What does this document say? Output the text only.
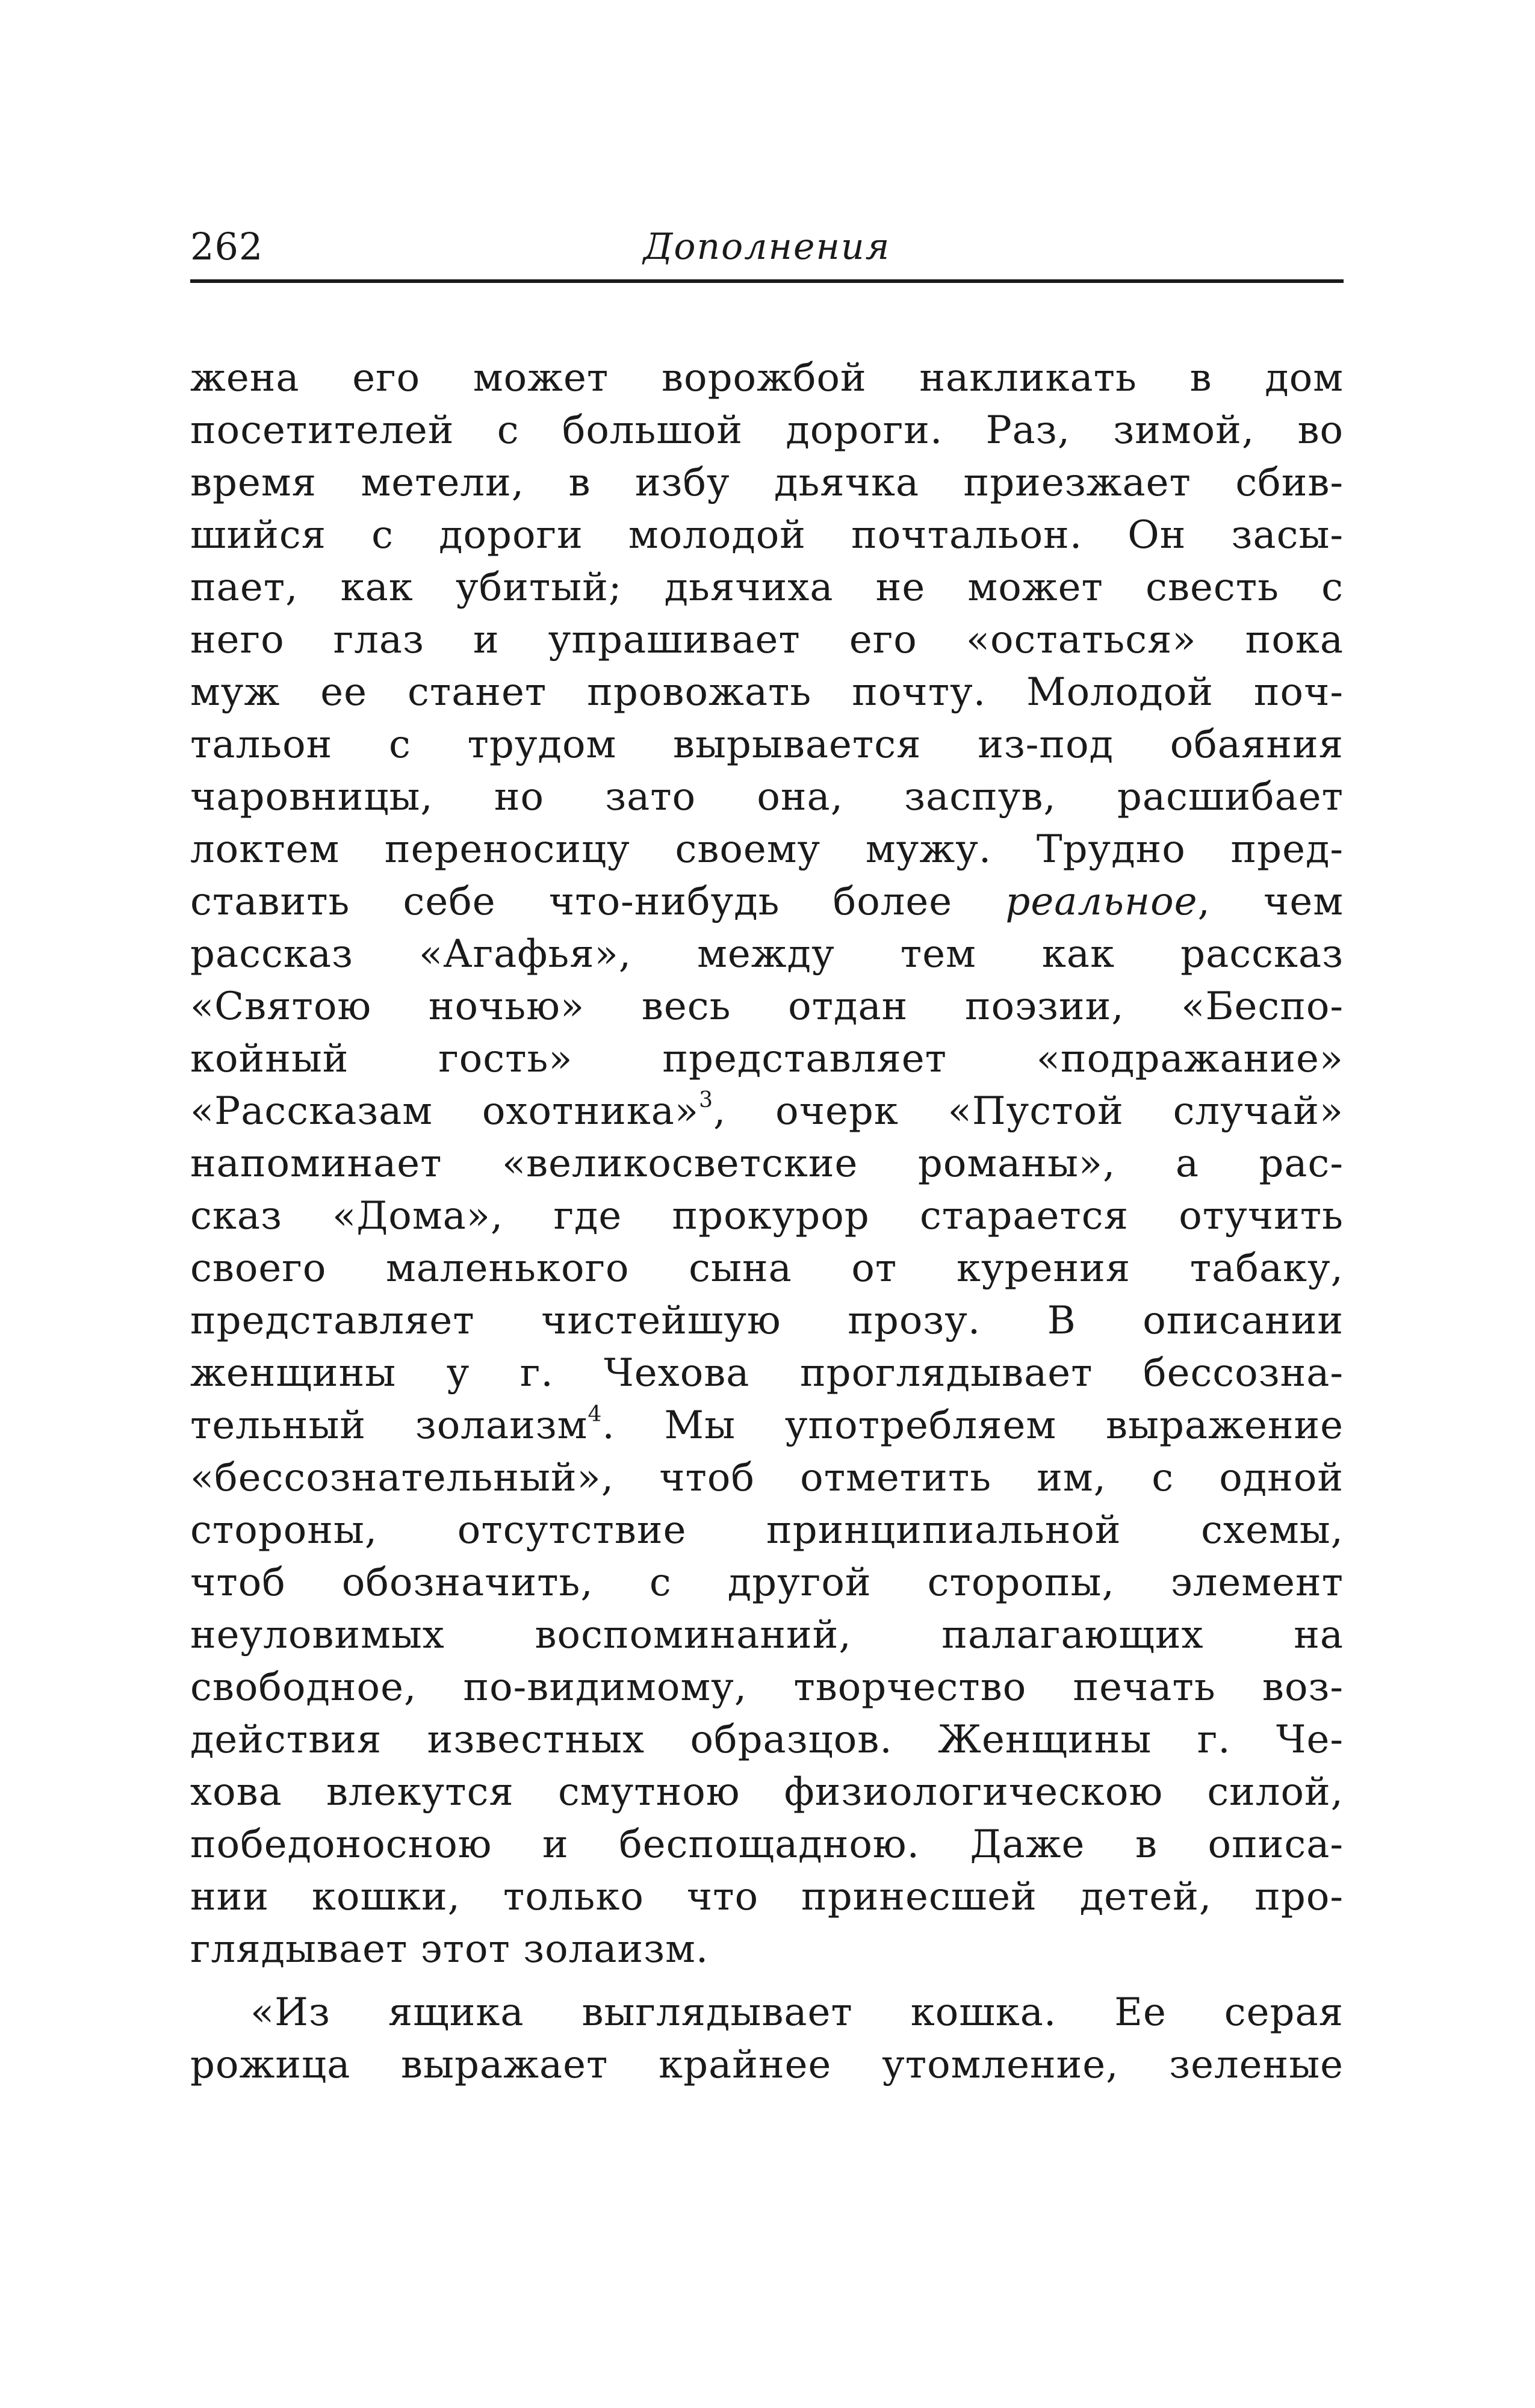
262	Дополнения
жена его может ворожбой накликать в дом
посетителей с большой дороги. Раз, зимой, во
время метели, в избу дьячка приезжает сбив-
шийся с дороги молодой почтальон. Он засы-
пает, как убитый; дьячиха не может свесть с
него глаз и упрашивает его «остаться» пока
муж ее станет провожать почту. Молодой поч-
тальон с трудом вырывается из-под обаяния
чаровницы, но зато она, заспув, расшибает
локтем переносицу своему мужу. Трудно пред-
ставить себе что-нибудь более реальное, чем
рассказ «Агафья», между тем как рассказ
«Святою ночью» весь отдан поэзии, «Беспо-
койный гость» представляет «подражание»
«Рассказам охотника»$^3$, очерк «Пустой случай»
напоминает «великосветские романы», а рас-
сказ «Дома», где прокурор старается отучить
своего маленького сына от курения табаку,
представляет чистейшую прозу. В описании
женщины у г. Чехова проглядывает бессозна-
тельный золаизм$^4$. Мы употребляем выражение
«бессознательный», чтоб отметить им, с одной
стороны, отсутствие принципиальной схемы,
чтоб обозначить, с другой сторопы, элемент
неуловимых воспоминаний, палагающих на
свободное, по-видимому, творчество печать воз-
действия известных образцов. Женщины г. Че-
хова влекутся смутною физиологическою силой,
победоносною и беспощадною. Даже в описа-
нии кошки, только что принесшей детей, про-
глядывает этот золаизм.
«Из ящика выглядывает кошка. Ее серая
рожица выражает крайнее утомление, зеленые
